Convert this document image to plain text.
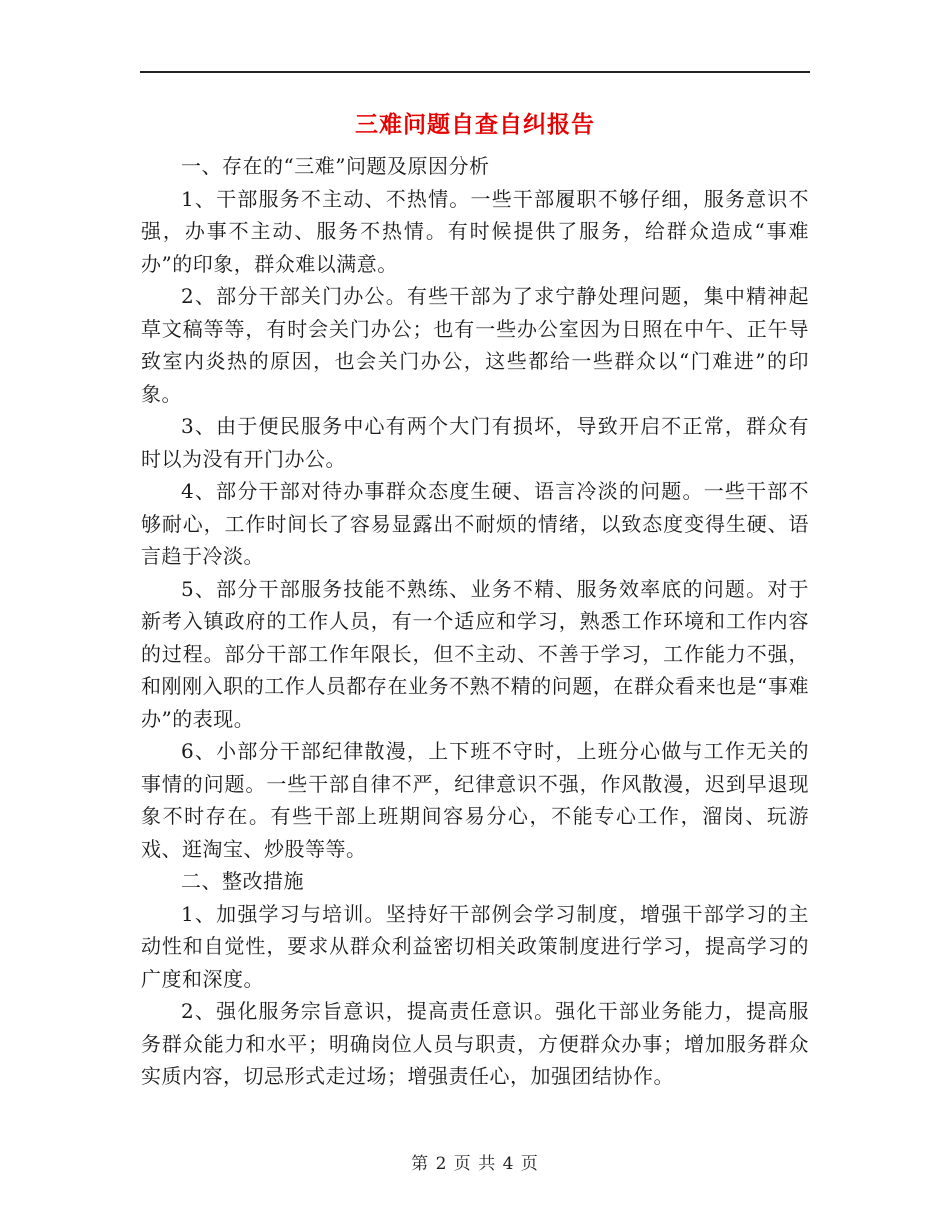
三难问题自查自纠报告

一、存在的“三难”问题及原因分析

1、干部服务不主动、不热情。一些干部履职不够仔细，服务意识不强，办事不主动、服务不热情。有时候提供了服务，给群众造成“事难办”的印象，群众难以满意。

2、部分干部关门办公。有些干部为了求宁静处理问题，集中精神起草文稿等等，有时会关门办公；也有一些办公室因为日照在中午、正午导致室内炎热的原因，也会关门办公，这些都给一些群众以“门难进”的印象。

3、由于便民服务中心有两个大门有损坏，导致开启不正常，群众有时以为没有开门办公。

4、部分干部对待办事群众态度生硬、语言冷淡的问题。一些干部不够耐心，工作时间长了容易显露出不耐烦的情绪，以致态度变得生硬、语言趋于冷淡。

5、部分干部服务技能不熟练、业务不精、服务效率底的问题。对于新考入镇政府的工作人员，有一个适应和学习，熟悉工作环境和工作内容的过程。部分干部工作年限长，但不主动、不善于学习，工作能力不强，和刚刚入职的工作人员都存在业务不熟不精的问题，在群众看来也是“事难办”的表现。

6、小部分干部纪律散漫，上下班不守时，上班分心做与工作无关的事情的问题。一些干部自律不严，纪律意识不强，作风散漫，迟到早退现象不时存在。有些干部上班期间容易分心，不能专心工作，溜岗、玩游戏、逛淘宝、炒股等等。

二、整改措施

1、加强学习与培训。坚持好干部例会学习制度，增强干部学习的主动性和自觉性，要求从群众利益密切相关政策制度进行学习，提高学习的广度和深度。

2、强化服务宗旨意识，提高责任意识。强化干部业务能力，提高服务群众能力和水平；明确岗位人员与职责，方便群众办事；增加服务群众实质内容，切忌形式走过场；增强责任心，加强团结协作。

第 2 页 共 4 页
